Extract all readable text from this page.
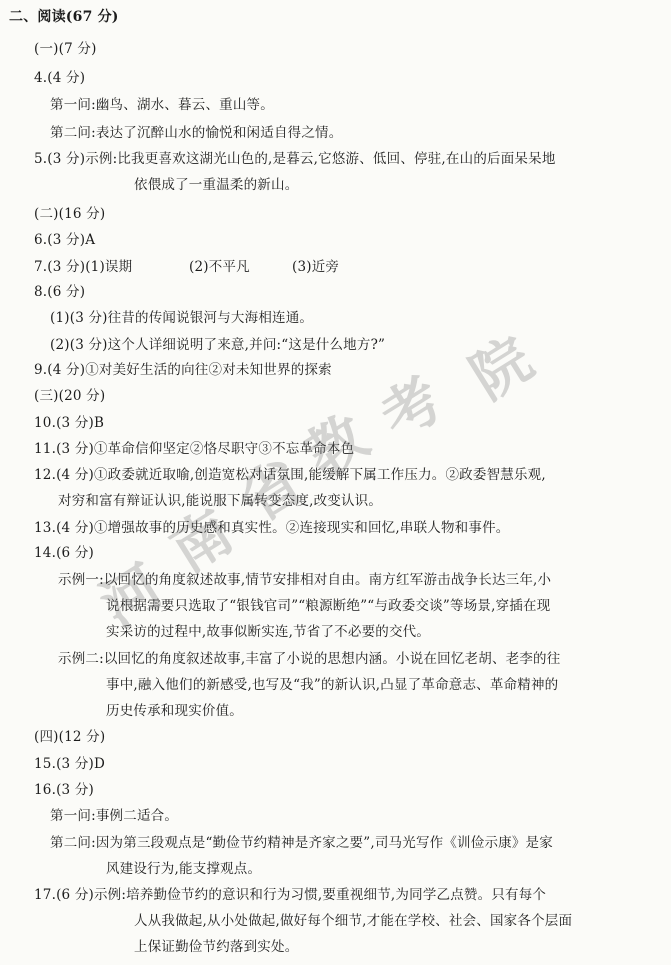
二、阅读(67 分)
(一)(7 分)
4.(4 分)
第一问:幽鸟、湖水、暮云、重山等。
第二问:表达了沉醉山水的愉悦和闲适自得之情。
5.(3 分)示例:比我更喜欢这湖光山色的,是暮云,它悠游、低回、停驻,在山的后面呆呆地
依偎成了一重温柔的新山。
(二)(16 分)
6.(3 分)A
7.(3 分)(1)误期	(2)不平凡	(3)近旁
8.(6 分)
(1)(3 分)往昔的传闻说银河与大海相连通。
(2)(3 分)这个人详细说明了来意,并问:“这是什么地方?”
9.(4 分)①对美好生活的向往②对未知世界的探索
(三)(20 分)
10.(3 分)B
11.(3 分)①革命信仰坚定②恪尽职守③不忘革命本色
12.(4 分)①政委就近取喻,创造宽松对话氛围,能缓解下属工作压力。②政委智慧乐观,
对穷和富有辩证认识,能说服下属转变态度,改变认识。
13.(4 分)①增强故事的历史感和真实性。②连接现实和回忆,串联人物和事件。
14.(6 分)
示例一:以回忆的角度叙述故事,情节安排相对自由。南方红军游击战争长达三年,小
说根据需要只选取了“银钱官司”“粮源断绝”“与政委交谈”等场景,穿插在现
实采访的过程中,故事似断实连,节省了不必要的交代。
示例二:以回忆的角度叙述故事,丰富了小说的思想内涵。小说在回忆老胡、老李的往
事中,融入他们的新感受,也写及“我”的新认识,凸显了革命意志、革命精神的
历史传承和现实价值。
(四)(12 分)
15.(3 分)D
16.(3 分)
第一问:事例二适合。
第二问:因为第三段观点是“勤俭节约精神是齐家之要”,司马光写作《训俭示康》是家
风建设行为,能支撑观点。
17.(6 分)示例:培养勤俭节约的意识和行为习惯,要重视细节,为同学乙点赞。只有每个
人从我做起,从小处做起,做好每个细节,才能在学校、社会、国家各个层面
上保证勤俭节约落到实处。
河
南
省
教
考 院
